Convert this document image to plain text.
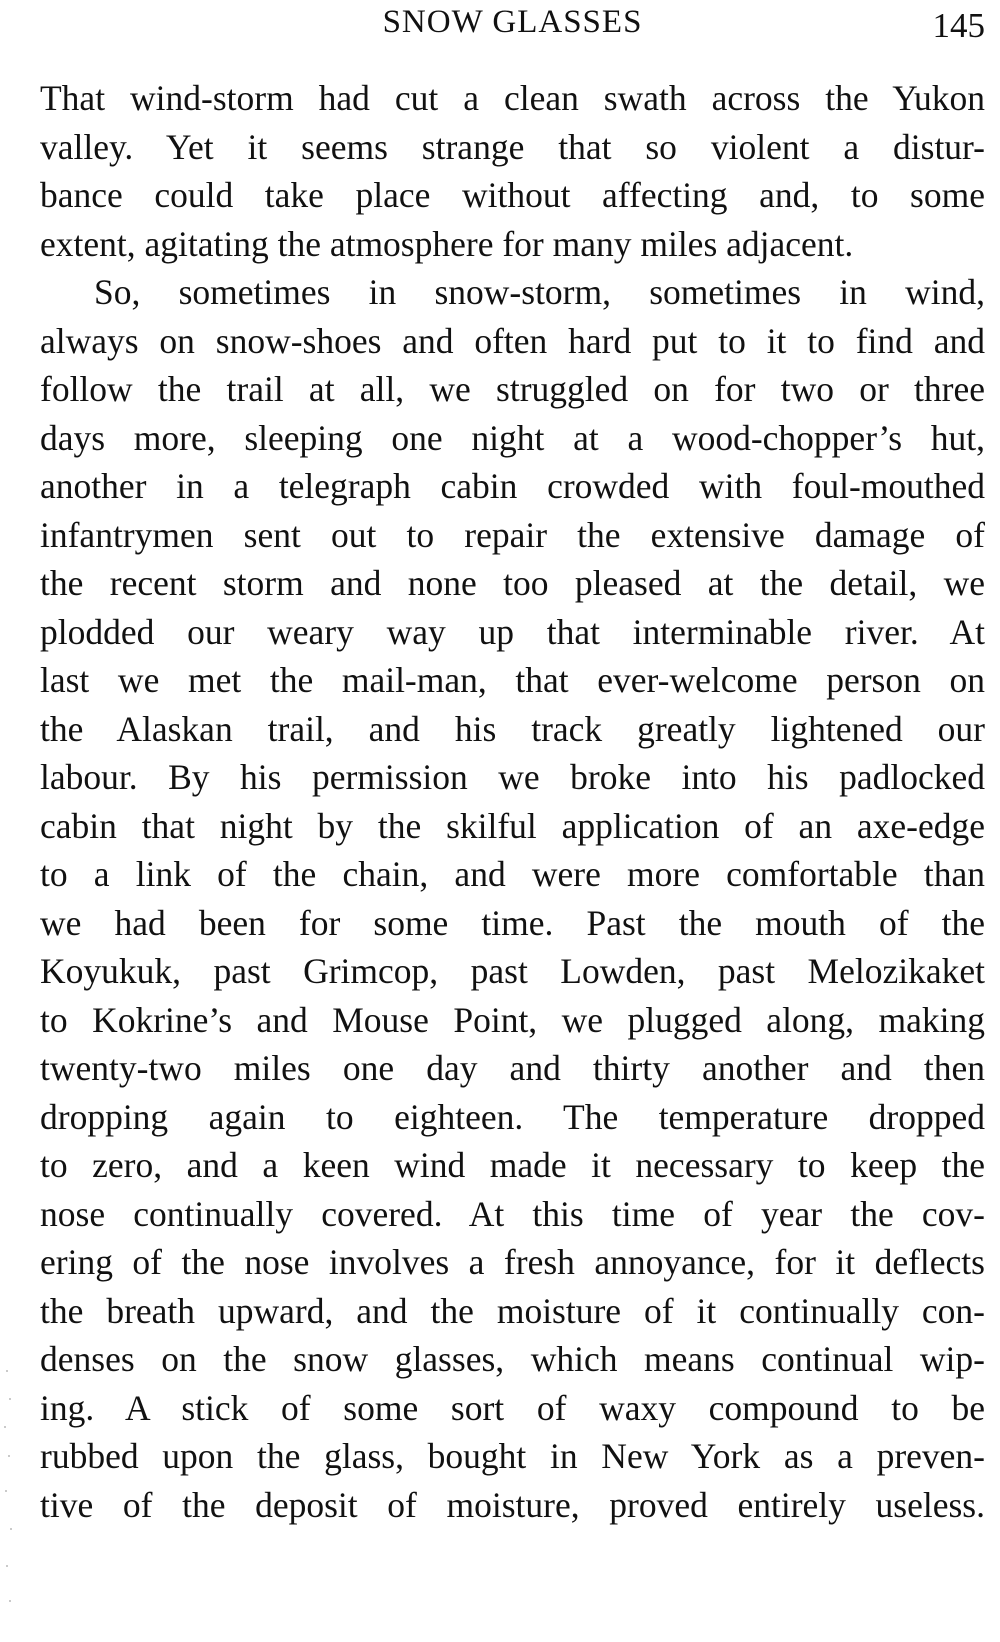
SNOW GLASSES	145
That wind-storm had cut a clean swath across the Yukon
valley. Yet it seems strange that so violent a distur-
bance could take place without affecting and, to some
extent, agitating the atmosphere for many miles adjacent.
So, sometimes in snow-storm, sometimes in wind,
always on snow-shoes and often hard put to it to find and
follow the trail at all, we struggled on for two or three
days more, sleeping one night at a wood-chopper’s hut,
another in a telegraph cabin crowded with foul-mouthed
infantrymen sent out to repair the extensive damage of
the recent storm and none too pleased at the detail, we
plodded our weary way up that interminable river. At
last we met the mail-man, that ever-welcome person on
the Alaskan trail, and his track greatly lightened our
labour. By his permission we broke into his padlocked
cabin that night by the skilful application of an axe-edge
to a link of the chain, and were more comfortable than
we had been for some time. Past the mouth of the
Koyukuk, past Grimcop, past Lowden, past Melozikaket
to Kokrine’s and Mouse Point, we plugged along, making
twenty-two miles one day and thirty another and then
dropping again to eighteen. The temperature dropped
to zero, and a keen wind made it necessary to keep the
nose continually covered. At this time of year the cov-
ering of the nose involves a fresh annoyance, for it deflects
the breath upward, and the moisture of it continually con-
denses on the snow glasses, which means continual wip-
ing. A stick of some sort of waxy compound to be
rubbed upon the glass, bought in New York as a preven-
tive of the deposit of moisture, proved entirely useless.
